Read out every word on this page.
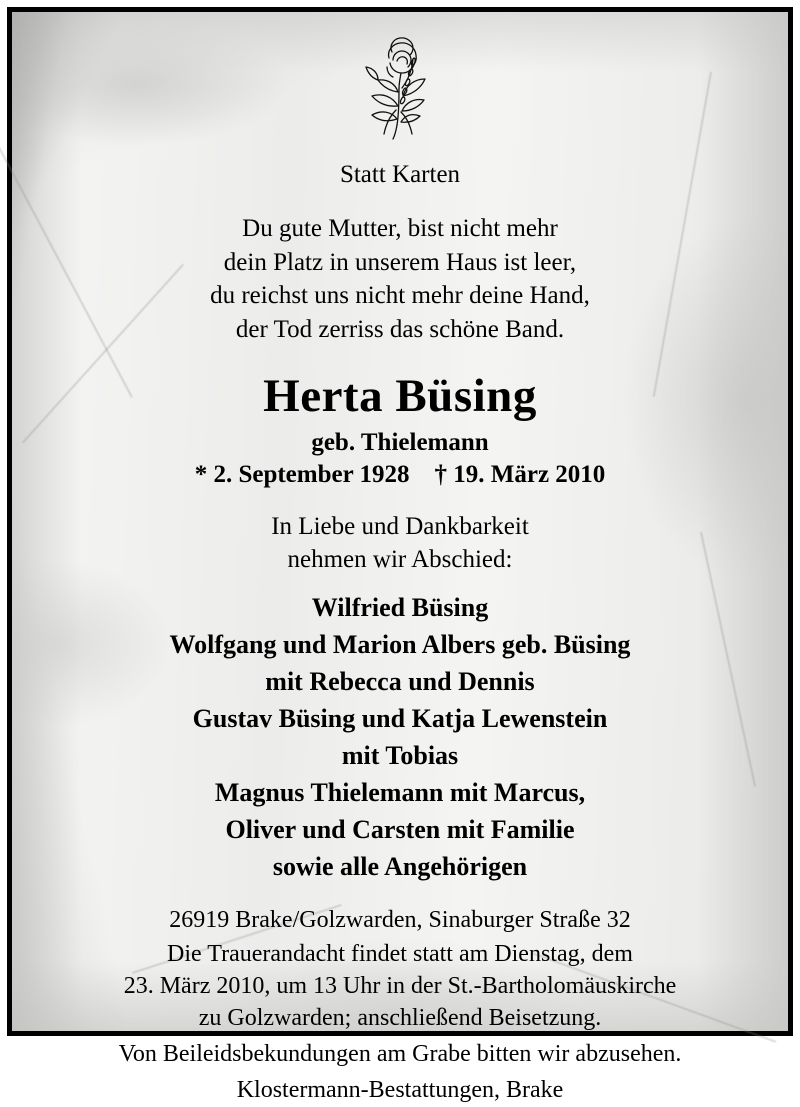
Statt Karten
Du gute Mutter, bist nicht mehr
dein Platz in unserem Haus ist leer,
du reichst uns nicht mehr deine Hand,
der Tod zerriss das schöne Band.
Herta Büsing
geb. Thielemann
* 2. September 1928    † 19. März 2010
In Liebe und Dankbarkeit
nehmen wir Abschied:
Wilfried Büsing
Wolfgang und Marion Albers geb. Büsing
mit Rebecca und Dennis
Gustav Büsing und Katja Lewenstein
mit Tobias
Magnus Thielemann mit Marcus,
Oliver und Carsten mit Familie
sowie alle Angehörigen
26919 Brake/Golzwarden, Sinaburger Straße 32
Die Trauerandacht findet statt am Dienstag, dem
23. März 2010, um 13 Uhr in der St.-Bartholomäuskirche
zu Golzwarden; anschließend Beisetzung.
Von Beileidsbekundungen am Grabe bitten wir abzusehen.
Klostermann-Bestattungen, Brake
